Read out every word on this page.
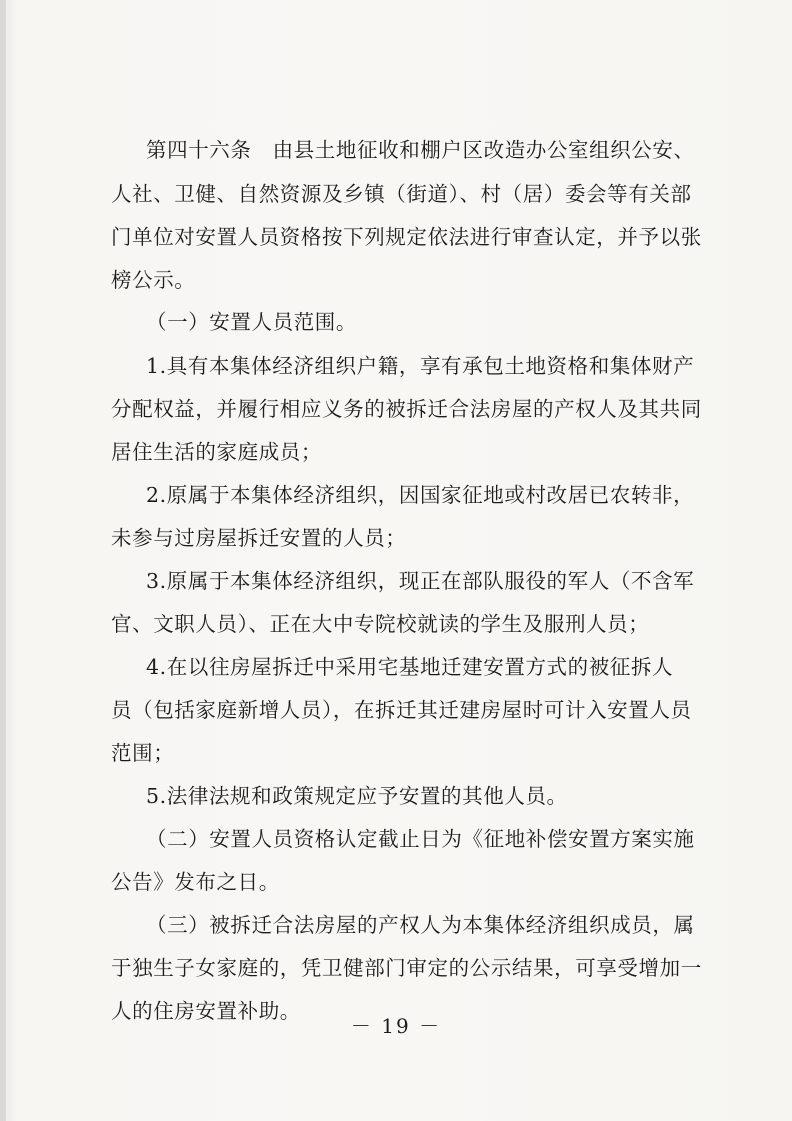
第四十六条　由县土地征收和棚户区改造办公室组织公安、
人社、卫健、自然资源及乡镇（街道）、村（居）委会等有关部
门单位对安置人员资格按下列规定依法进行审查认定，并予以张
榜公示。
（一）安置人员范围。
1.具有本集体经济组织户籍，享有承包土地资格和集体财产
分配权益，并履行相应义务的被拆迁合法房屋的产权人及其共同
居住生活的家庭成员；
2.原属于本集体经济组织，因国家征地或村改居已农转非，
未参与过房屋拆迁安置的人员；
3.原属于本集体经济组织，现正在部队服役的军人（不含军
官、文职人员）、正在大中专院校就读的学生及服刑人员；
4.在以往房屋拆迁中采用宅基地迁建安置方式的被征拆人
员（包括家庭新增人员），在拆迁其迁建房屋时可计入安置人员
范围；
5.法律法规和政策规定应予安置的其他人员。
（二）安置人员资格认定截止日为《征地补偿安置方案实施
公告》发布之日。
（三）被拆迁合法房屋的产权人为本集体经济组织成员，属
于独生子女家庭的，凭卫健部门审定的公示结果，可享受增加一
人的住房安置补助。
－ 19 －
